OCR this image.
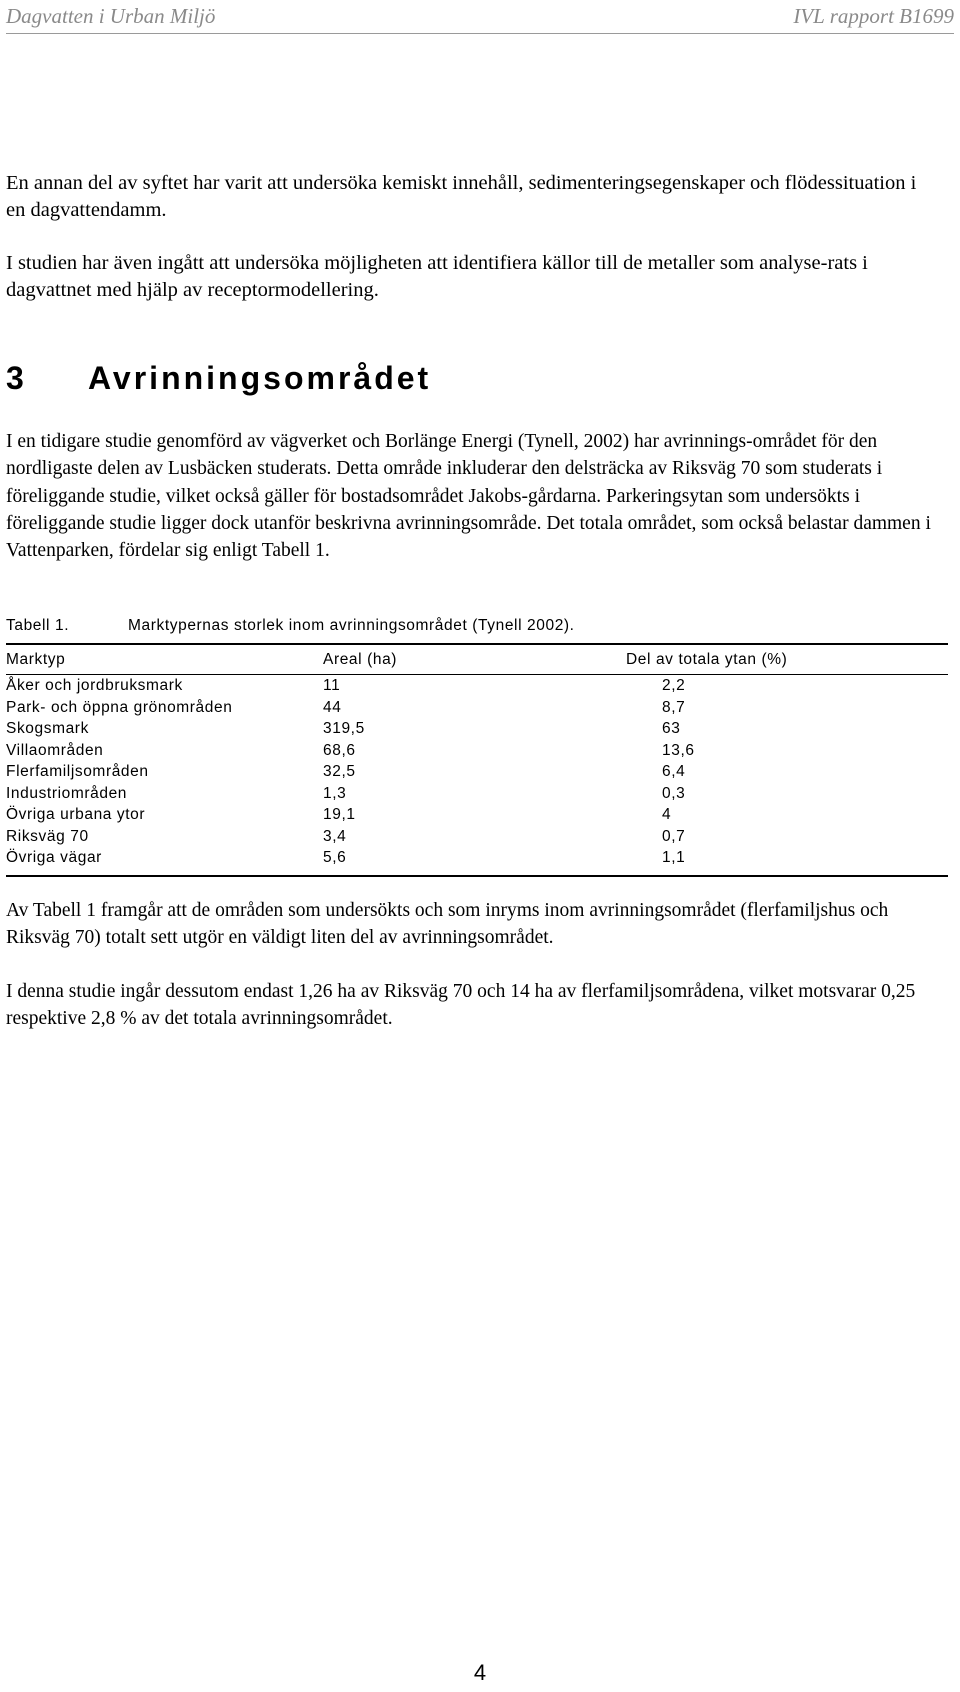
Dagvatten i Urban Miljö	IVL rapport B1699

En annan del av syftet har varit att undersöka kemiskt innehåll, sedimenteringsegenskaper och flödessituation i en dagvattendamm.

I studien har även ingått att undersöka möjligheten att identifiera källor till de metaller som analyse-rats i dagvattnet med hjälp av receptormodellering.

3 Avrinningsområdet

I en tidigare studie genomförd av vägverket och Borlänge Energi (Tynell, 2002) har avrinnings-området för den nordligaste delen av Lusbäcken studerats. Detta område inkluderar den delsträcka av Riksväg 70 som studerats i föreliggande studie, vilket också gäller för bostadsområdet Jakobs-gårdarna. Parkeringsytan som undersökts i föreliggande studie ligger dock utanför beskrivna avrinningsområde. Det totala området, som också belastar dammen i Vattenparken, fördelar sig enligt Tabell 1.

Tabell 1.	Marktypernas storlek inom avrinningsområdet (Tynell 2002).
Marktyp	Areal (ha)	Del av totala ytan (%)
Åker och jordbruksmark	11	2,2
Park- och öppna grönområden	44	8,7
Skogsmark	319,5	63
Villaområden	68,6	13,6
Flerfamiljsområden	32,5	6,4
Industriområden	1,3	0,3
Övriga urbana ytor	19,1	4
Riksväg 70	3,4	0,7
Övriga vägar	5,6	1,1

Av Tabell 1 framgår att de områden som undersökts och som inryms inom avrinningsområdet (flerfamiljshus och Riksväg 70) totalt sett utgör en väldigt liten del av avrinningsområdet.

I denna studie ingår dessutom endast 1,26 ha av Riksväg 70 och 14 ha av flerfamiljsområdena, vilket motsvarar 0,25 respektive 2,8 % av det totala avrinningsområdet.

4
